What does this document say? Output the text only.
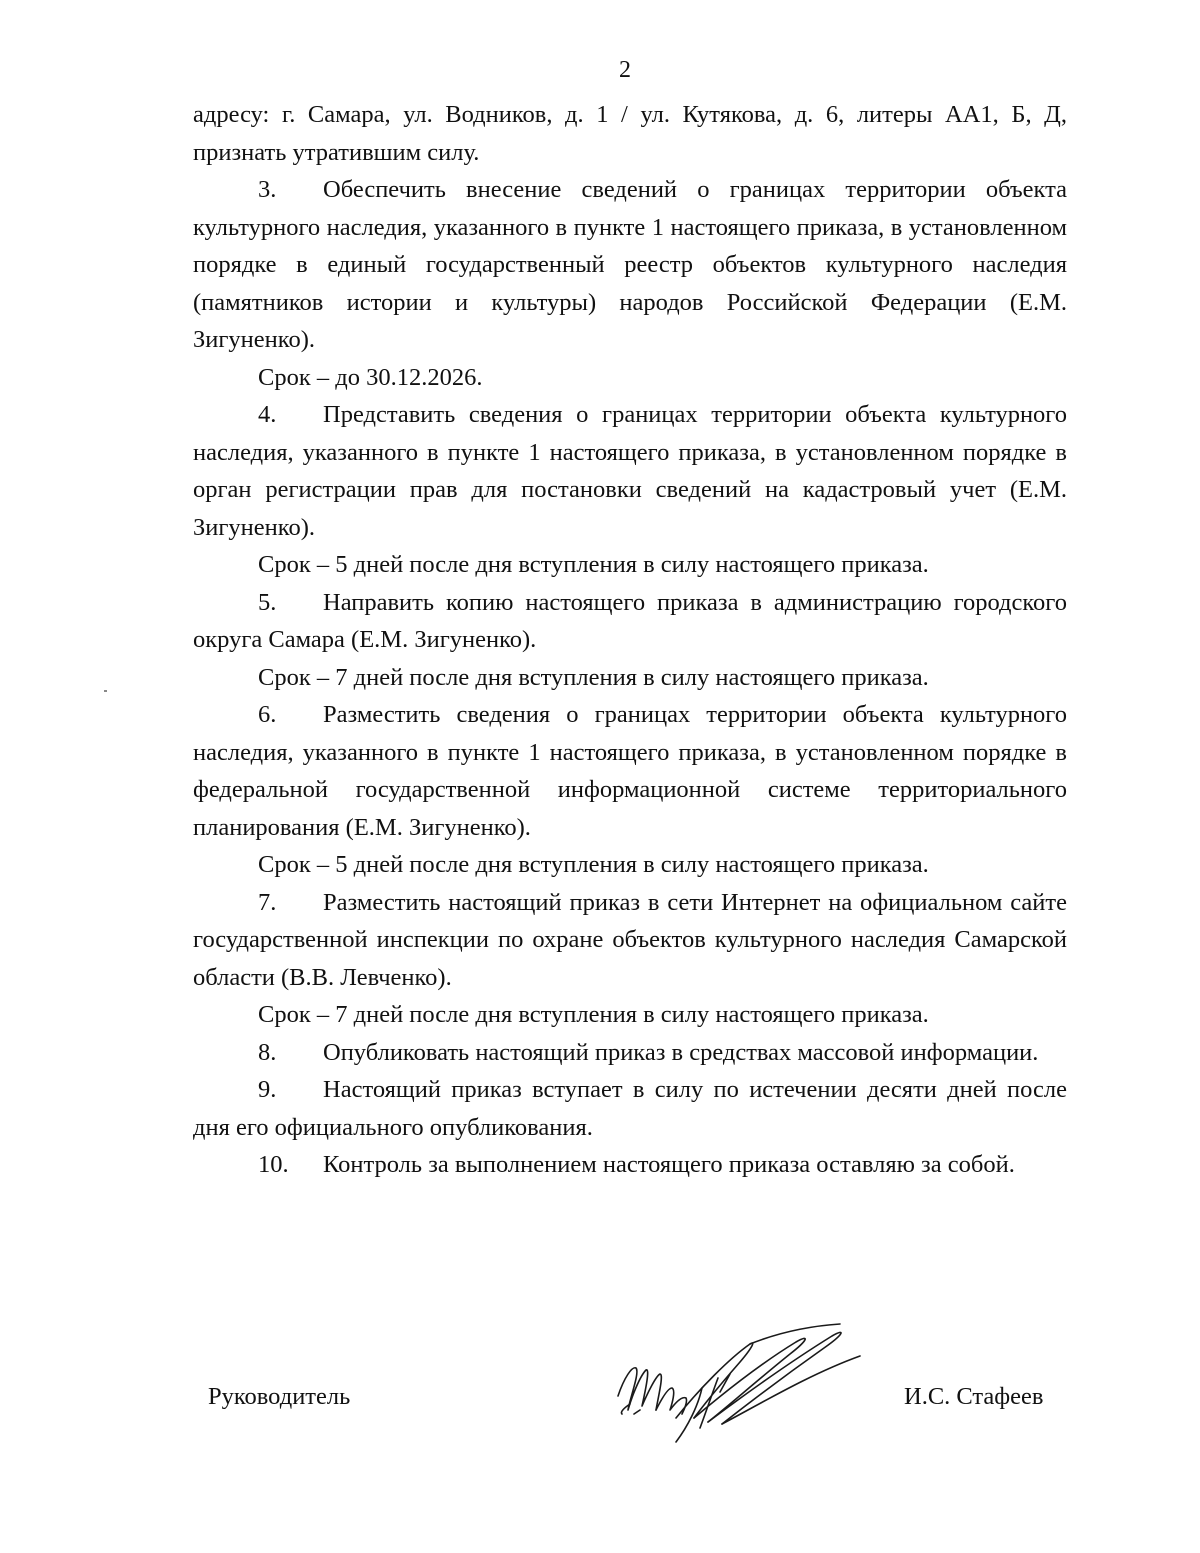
2

адресу: г. Самара, ул. Водников, д. 1 / ул. Кутякова, д. 6, литеры АА1, Б, Д, признать утратившим силу.

3. Обеспечить внесение сведений о границах территории объекта культурного наследия, указанного в пункте 1 настоящего приказа, в установленном порядке в единый государственный реестр объектов культурного наследия (памятников истории и культуры) народов Российской Федерации (Е.М. Зигуненко).

Срок – до 30.12.2026.

4. Представить сведения о границах территории объекта культурного наследия, указанного в пункте 1 настоящего приказа, в установленном порядке в орган регистрации прав для постановки сведений на кадастровый учет (Е.М. Зигуненко).

Срок – 5 дней после дня вступления в силу настоящего приказа.

5. Направить копию настоящего приказа в администрацию городского округа Самара (Е.М. Зигуненко).

Срок – 7 дней после дня вступления в силу настоящего приказа.

6. Разместить сведения о границах территории объекта культурного наследия, указанного в пункте 1 настоящего приказа, в установленном порядке в федеральной государственной информационной системе территориального планирования (Е.М. Зигуненко).

Срок – 5 дней после дня вступления в силу настоящего приказа.

7. Разместить настоящий приказ в сети Интернет на официальном сайте государственной инспекции по охране объектов культурного наследия Самарской области (В.В. Левченко).

Срок – 7 дней после дня вступления в силу настоящего приказа.

8. Опубликовать настоящий приказ в средствах массовой информации.

9. Настоящий приказ вступает в силу по истечении десяти дней после дня его официального опубликования.

10. Контроль за выполнением настоящего приказа оставляю за собой.

Руководитель	И.С. Стафеев
